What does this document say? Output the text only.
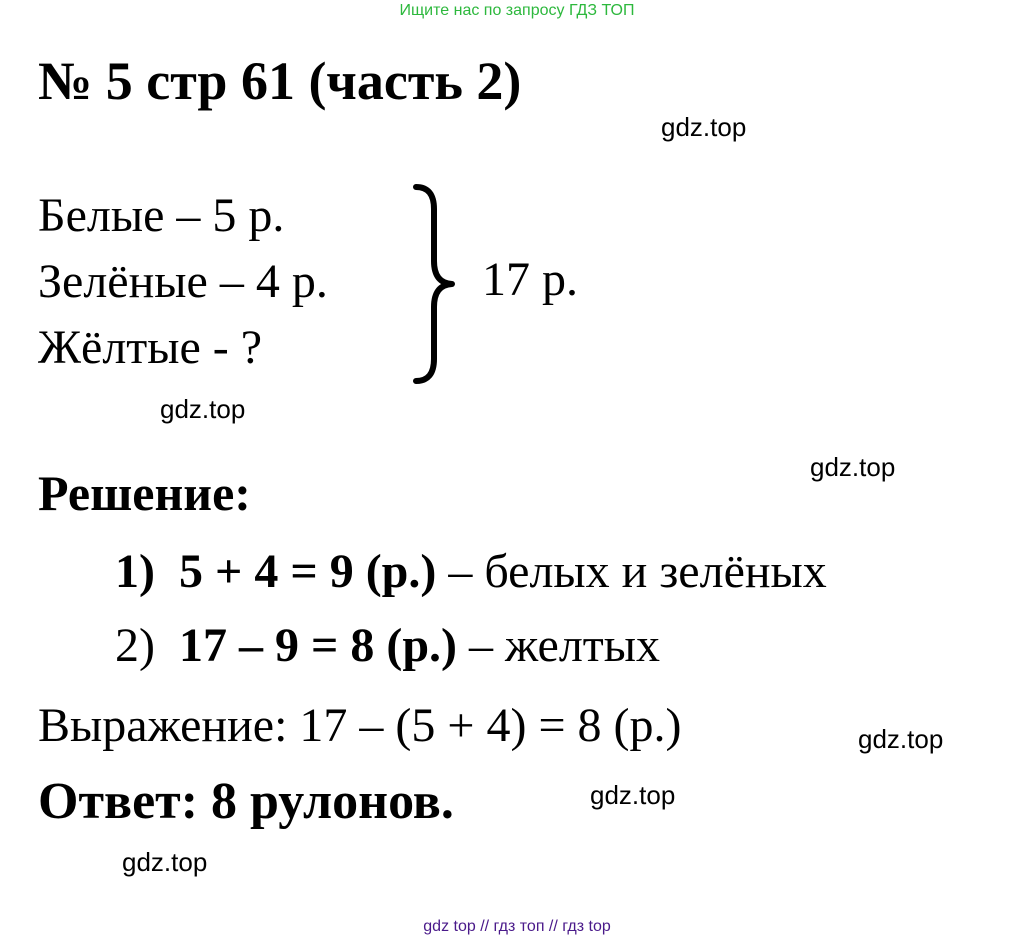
Ищите нас по запросу ГДЗ ТОП
№ 5 стр 61 (часть 2)
gdz.top
Белые – 5 р.
Зелёные – 4 р.
Жёлтые - ?
17 р.
gdz.top
gdz.top
Решение:
1) 5 + 4 = 9 (р.) – белых и зелёных
2) 17 – 9 = 8 (р.) – желтых
Выражение: 17 – (5 + 4) = 8 (р.)	gdz.top
Ответ: 8 рулонов.	gdz.top
gdz.top
gdz top // гдз топ // гдз top
